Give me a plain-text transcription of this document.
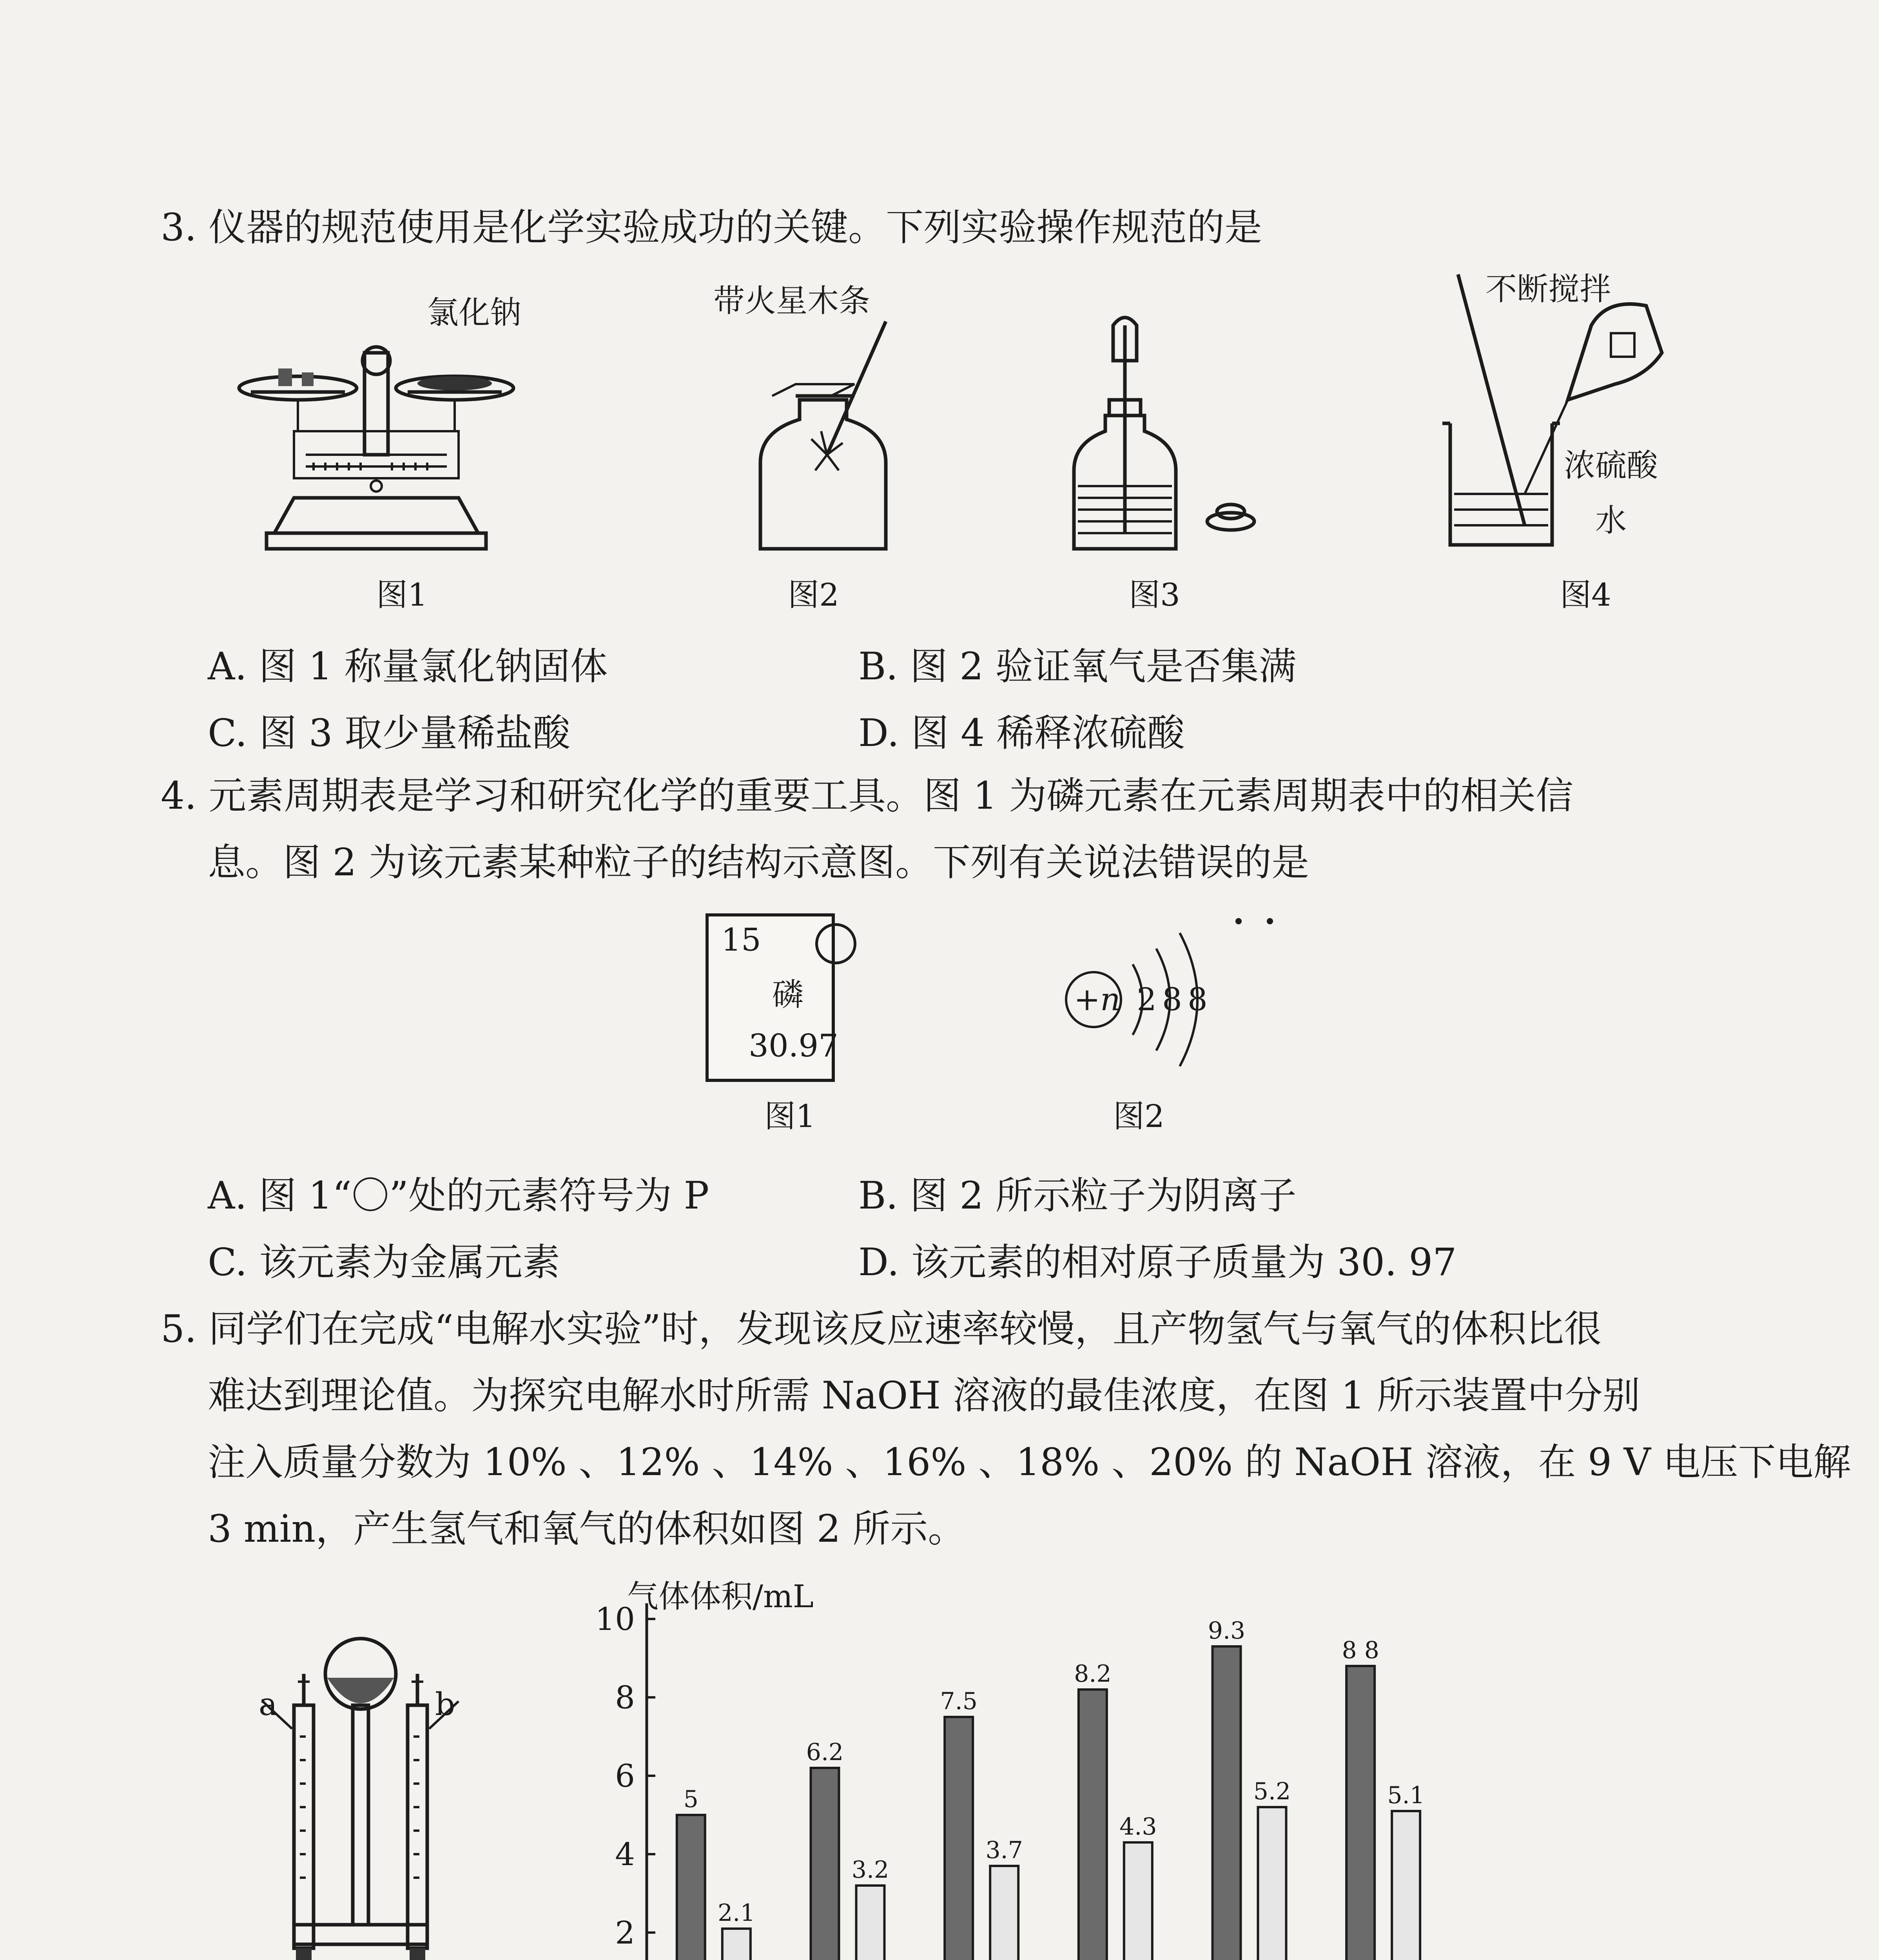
3. 仪器的规范使用是化学实验成功的关键。下列实验操作规范的是
氯化钠
图1
带火星木条
图2	图3
不断搅拌
浓硫酸
水
图4
A. 图 1 称量氯化钠固体	B. 图 2 验证氧气是否集满
C. 图 3 取少量稀盐酸	D. 图 4 稀释浓硫酸
4. 元素周期表是学习和研究化学的重要工具。图 1 为磷元素在元素周期表中的相关信
息。图 2 为该元素某种粒子的结构示意图。下列有关说法错误的是
15
磷
30.97
图1
+n 2 8 8
图2
A. 图 1“〇”处的元素符号为 P	B. 图 2 所示粒子为阴离子
C. 该元素为金属元素	D. 该元素的相对原子质量为 30. 97
5. 同学们在完成“电解水实验”时，发现该反应速率较慢，且产物氢气与氧气的体积比很
难达到理论值。为探究电解水时所需 NaOH 溶液的最佳浓度，在图 1 所示装置中分别
注入质量分数为 10% 、12% 、14% 、16% 、18% 、20% 的 NaOH 溶液，在 9 V 电压下电解
3 min，产生氢气和氧气的体积如图 2 所示。
a	b
2
4
6
8
10
气体体积/mL
5
2.1
6.2
3.2
7.5
3.7
8.2
4.3
9.3
5.2
8 8
5.1
